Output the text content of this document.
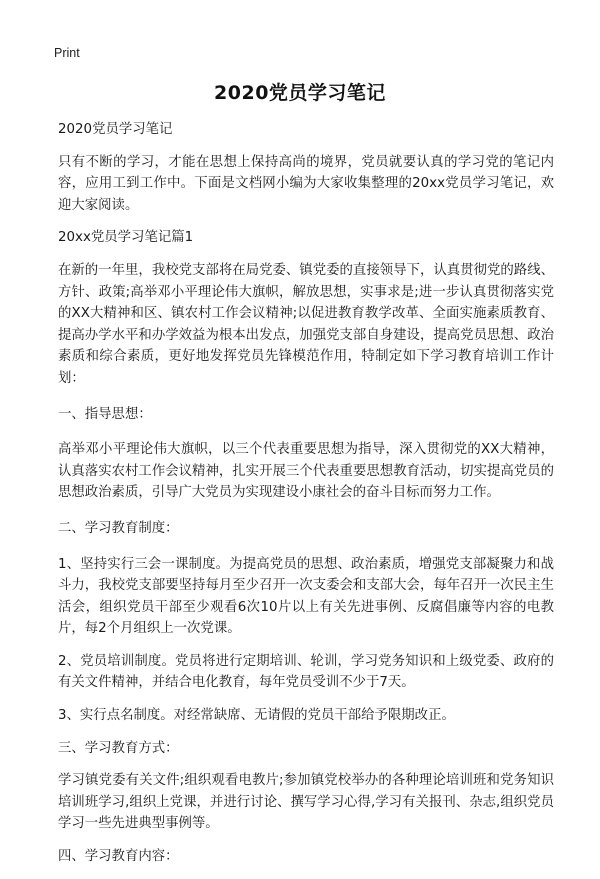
Print
2020党员学习笔记

2020党员学习笔记

只有不断的学习，才能在思想上保持高尚的境界，党员就要认真的学习党的笔记内容，应用工到工作中。下面是文档网小编为大家收集整理的20xx党员学习笔记，欢迎大家阅读。

20xx党员学习笔记篇1

在新的一年里，我校党支部将在局党委、镇党委的直接领导下，认真贯彻党的路线、方针、政策;高举邓小平理论伟大旗帜，解放思想，实事求是;进一步认真贯彻落实党的XX大精神和区、镇农村工作会议精神;以促进教育教学改革、全面实施素质教育、提高办学水平和办学效益为根本出发点，加强党支部自身建设，提高党员思想、政治素质和综合素质，更好地发挥党员先锋模范作用，特制定如下学习教育培训工作计划：

一、指导思想：

高举邓小平理论伟大旗帜，以三个代表重要思想为指导，深入贯彻党的XX大精神，认真落实农村工作会议精神，扎实开展三个代表重要思想教育活动，切实提高党员的思想政治素质，引导广大党员为实现建设小康社会的奋斗目标而努力工作。

二、学习教育制度：

1、坚持实行三会一课制度。为提高党员的思想、政治素质，增强党支部凝聚力和战斗力，我校党支部要坚持每月至少召开一次支委会和支部大会，每年召开一次民主生活会，组织党员干部至少观看6次10片以上有关先进事例、反腐倡廉等内容的电教片，每2个月组织上一次党课。

2、党员培训制度。党员将进行定期培训、轮训，学习党务知识和上级党委、政府的有关文件精神，并结合电化教育，每年党员受训不少于7天。

3、实行点名制度。对经常缺席、无请假的党员干部给予限期改正。

三、学习教育方式：

学习镇党委有关文件;组织观看电教片;参加镇党校举办的各种理论培训班和党务知识培训班学习,组织上党课，并进行讨论、撰写学习心得,学习有关报刊、杂志,组织党员学习一些先进典型事例等。

四、学习教育内容：
